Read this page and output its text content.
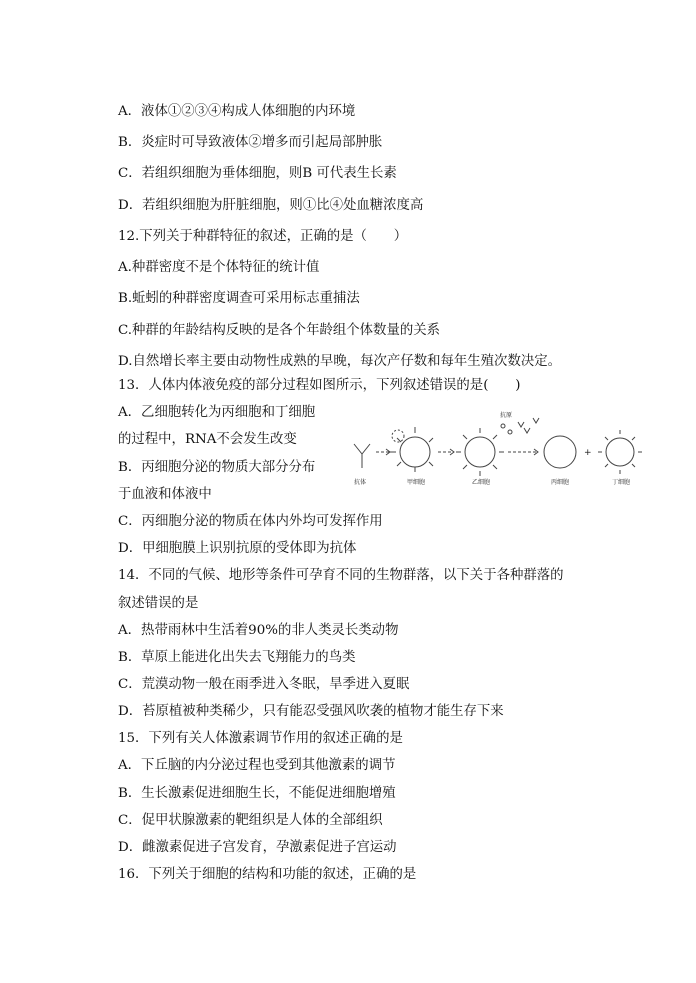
A．液体①②③④构成人体细胞的内环境
B．炎症时可导致液体②增多而引起局部肿胀
C．若组织细胞为垂体细胞，则B 可代表生长素
D．若组织细胞为肝脏细胞，则①比④处血糖浓度高
12.下列关于种群特征的叙述，正确的是（　　）
A.种群密度不是个体特征的统计值
B.蚯蚓的种群密度调查可采用标志重捕法
C.种群的年龄结构反映的是各个年龄组个体数量的关系
D.自然增长率主要由动物性成熟的早晚，每次产仔数和每年生殖次数决定。
13．人体内体液免疫的部分过程如图所示，下列叙述错误的是(　　)
A．乙细胞转化为丙细胞和丁细胞
的过程中，RNA不会发生改变
B．丙细胞分泌的物质大部分分布
于血液和体液中
C．丙细胞分泌的物质在体内外均可发挥作用
D．甲细胞膜上识别抗原的受体即为抗体
14．不同的气候、地形等条件可孕育不同的生物群落，以下关于各种群落的
叙述错误的是
A．热带雨林中生活着90%的非人类灵长类动物
B．草原上能进化出失去飞翔能力的鸟类
C．荒漠动物一般在雨季进入冬眠，旱季进入夏眠
D．苔原植被种类稀少，只有能忍受强风吹袭的植物才能生存下来
15．下列有关人体激素调节作用的叙述正确的是
A．下丘脑的内分泌过程也受到其他激素的调节
B．生长激素促进细胞生长，不能促进细胞增殖
C．促甲状腺激素的靶组织是人体的全部组织
D．雌激素促进子宫发育，孕激素促进子宫运动
16．下列关于细胞的结构和功能的叙述，正确的是
+
抗体	甲细胞	乙细胞	丙细胞	丁细胞
抗原
